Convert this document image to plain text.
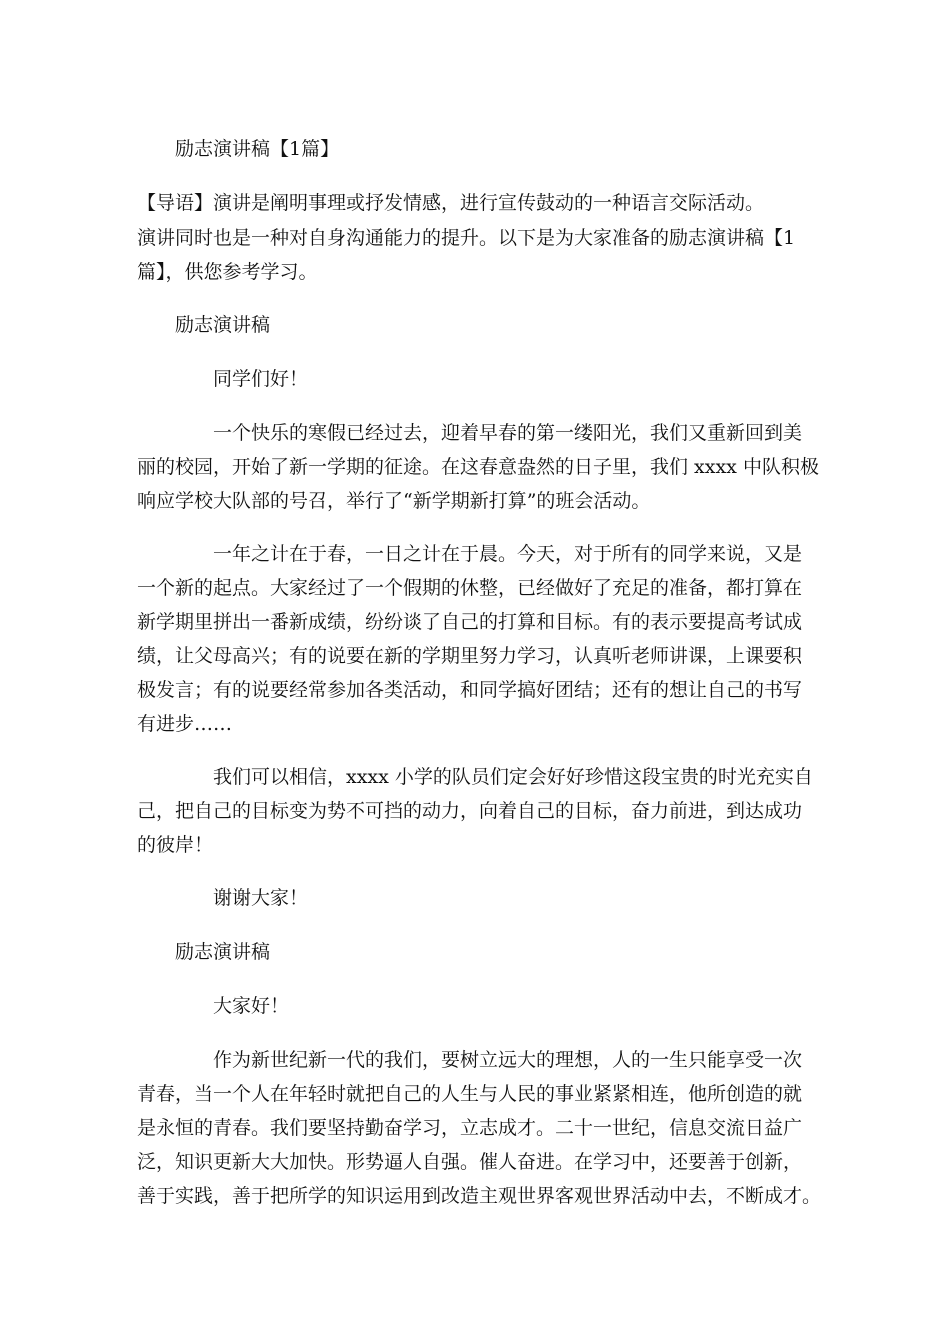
励志演讲稿【1篇】
【导语】演讲是阐明事理或抒发情感，进行宣传鼓动的一种语言交际活动。
演讲同时也是一种对自身沟通能力的提升。以下是为大家准备的励志演讲稿【1
篇】，供您参考学习。
励志演讲稿
同学们好！
一个快乐的寒假已经过去，迎着早春的第一缕阳光，我们又重新回到美
丽的校园，开始了新一学期的征途。在这春意盎然的日子里，我们 xxxx 中队积极
响应学校大队部的号召，举行了“新学期新打算”的班会活动。
一年之计在于春，一日之计在于晨。今天，对于所有的同学来说，又是
一个新的起点。大家经过了一个假期的休整，已经做好了充足的准备，都打算在
新学期里拼出一番新成绩，纷纷谈了自己的打算和目标。有的表示要提高考试成
绩，让父母高兴；有的说要在新的学期里努力学习，认真听老师讲课，上课要积
极发言；有的说要经常参加各类活动，和同学搞好团结；还有的想让自己的书写
有进步……
我们可以相信，xxxx 小学的队员们定会好好珍惜这段宝贵的时光充实自
己，把自己的目标变为势不可挡的动力，向着自己的目标，奋力前进，到达成功
的彼岸！
谢谢大家！
励志演讲稿
大家好！
作为新世纪新一代的我们，要树立远大的理想，人的一生只能享受一次
青春，当一个人在年轻时就把自己的人生与人民的事业紧紧相连，他所创造的就
是永恒的青春。我们要坚持勤奋学习，立志成才。二十一世纪，信息交流日益广
泛，知识更新大大加快。形势逼人自强。催人奋进。在学习中，还要善于创新，
善于实践，善于把所学的知识运用到改造主观世界客观世界活动中去，不断成才。
